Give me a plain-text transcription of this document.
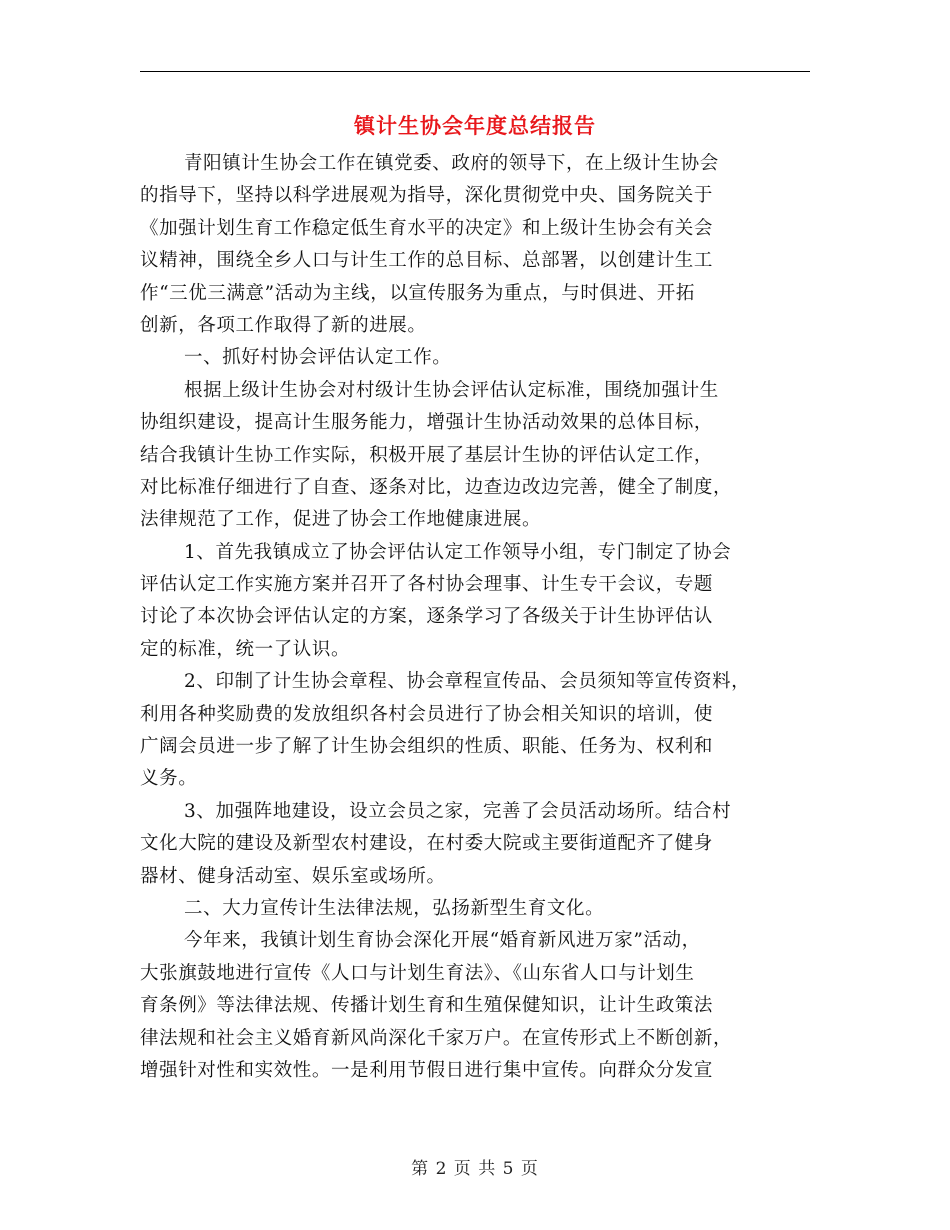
镇计生协会年度总结报告
青阳镇计生协会工作在镇党委、政府的领导下，在上级计生协会
的指导下，坚持以科学进展观为指导，深化贯彻党中央、国务院关于
《加强计划生育工作稳定低生育水平的决定》和上级计生协会有关会
议精神，围绕全乡人口与计生工作的总目标、总部署，以创建计生工
作“三优三满意”活动为主线，以宣传服务为重点，与时俱进、开拓
创新，各项工作取得了新的进展。
一、抓好村协会评估认定工作。
根据上级计生协会对村级计生协会评估认定标准，围绕加强计生
协组织建设，提高计生服务能力，增强计生协活动效果的总体目标，
结合我镇计生协工作实际，积极开展了基层计生协的评估认定工作，
对比标准仔细进行了自查、逐条对比，边查边改边完善，健全了制度，
法律规范了工作，促进了协会工作地健康进展。
1、首先我镇成立了协会评估认定工作领导小组，专门制定了协会
评估认定工作实施方案并召开了各村协会理事、计生专干会议，专题
讨论了本次协会评估认定的方案，逐条学习了各级关于计生协评估认
定的标准，统一了认识。
2、印制了计生协会章程、协会章程宣传品、会员须知等宣传资料，
利用各种奖励费的发放组织各村会员进行了协会相关知识的培训，使
广阔会员进一步了解了计生协会组织的性质、职能、任务为、权利和
义务。
3、加强阵地建设，设立会员之家，完善了会员活动场所。结合村
文化大院的建设及新型农村建设，在村委大院或主要街道配齐了健身
器材、健身活动室、娱乐室或场所。
二、大力宣传计生法律法规，弘扬新型生育文化。
今年来，我镇计划生育协会深化开展“婚育新风进万家”活动，
大张旗鼓地进行宣传《人口与计划生育法》、《山东省人口与计划生
育条例》等法律法规、传播计划生育和生殖保健知识，让计生政策法
律法规和社会主义婚育新风尚深化千家万户。在宣传形式上不断创新，
增强针对性和实效性。一是利用节假日进行集中宣传。向群众分发宣
第 2 页 共 5 页
